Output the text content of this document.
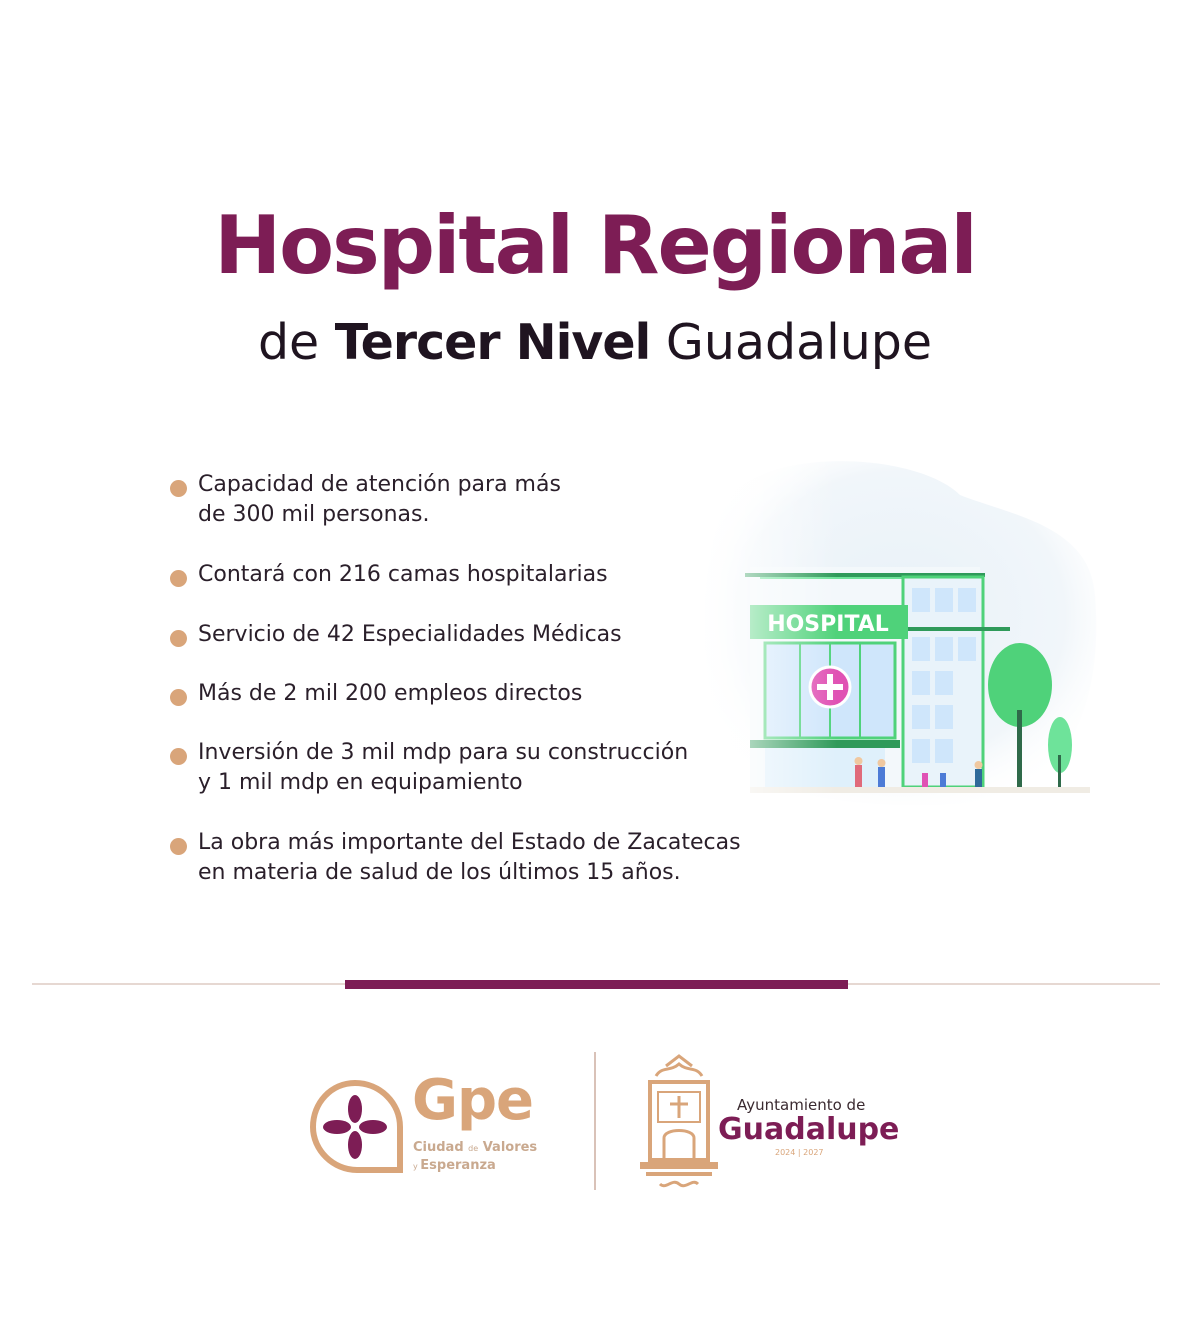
Hospital Regional
de Tercer Nivel Guadalupe
Capacidad de atención para más
de 300 mil personas.
Contará con 216 camas hospitalarias
Servicio de 42 Especialidades Médicas
Más de 2 mil 200 empleos directos
Inversión de 3 mil mdp para su construcción
y 1 mil mdp en equipamiento
La obra más importante del Estado de Zacatecas
en materia de salud de los últimos 15 años.
Gpe
Ciudad de Valores
y Esperanza
Ayuntamiento de
Guadalupe
2024 | 2027
